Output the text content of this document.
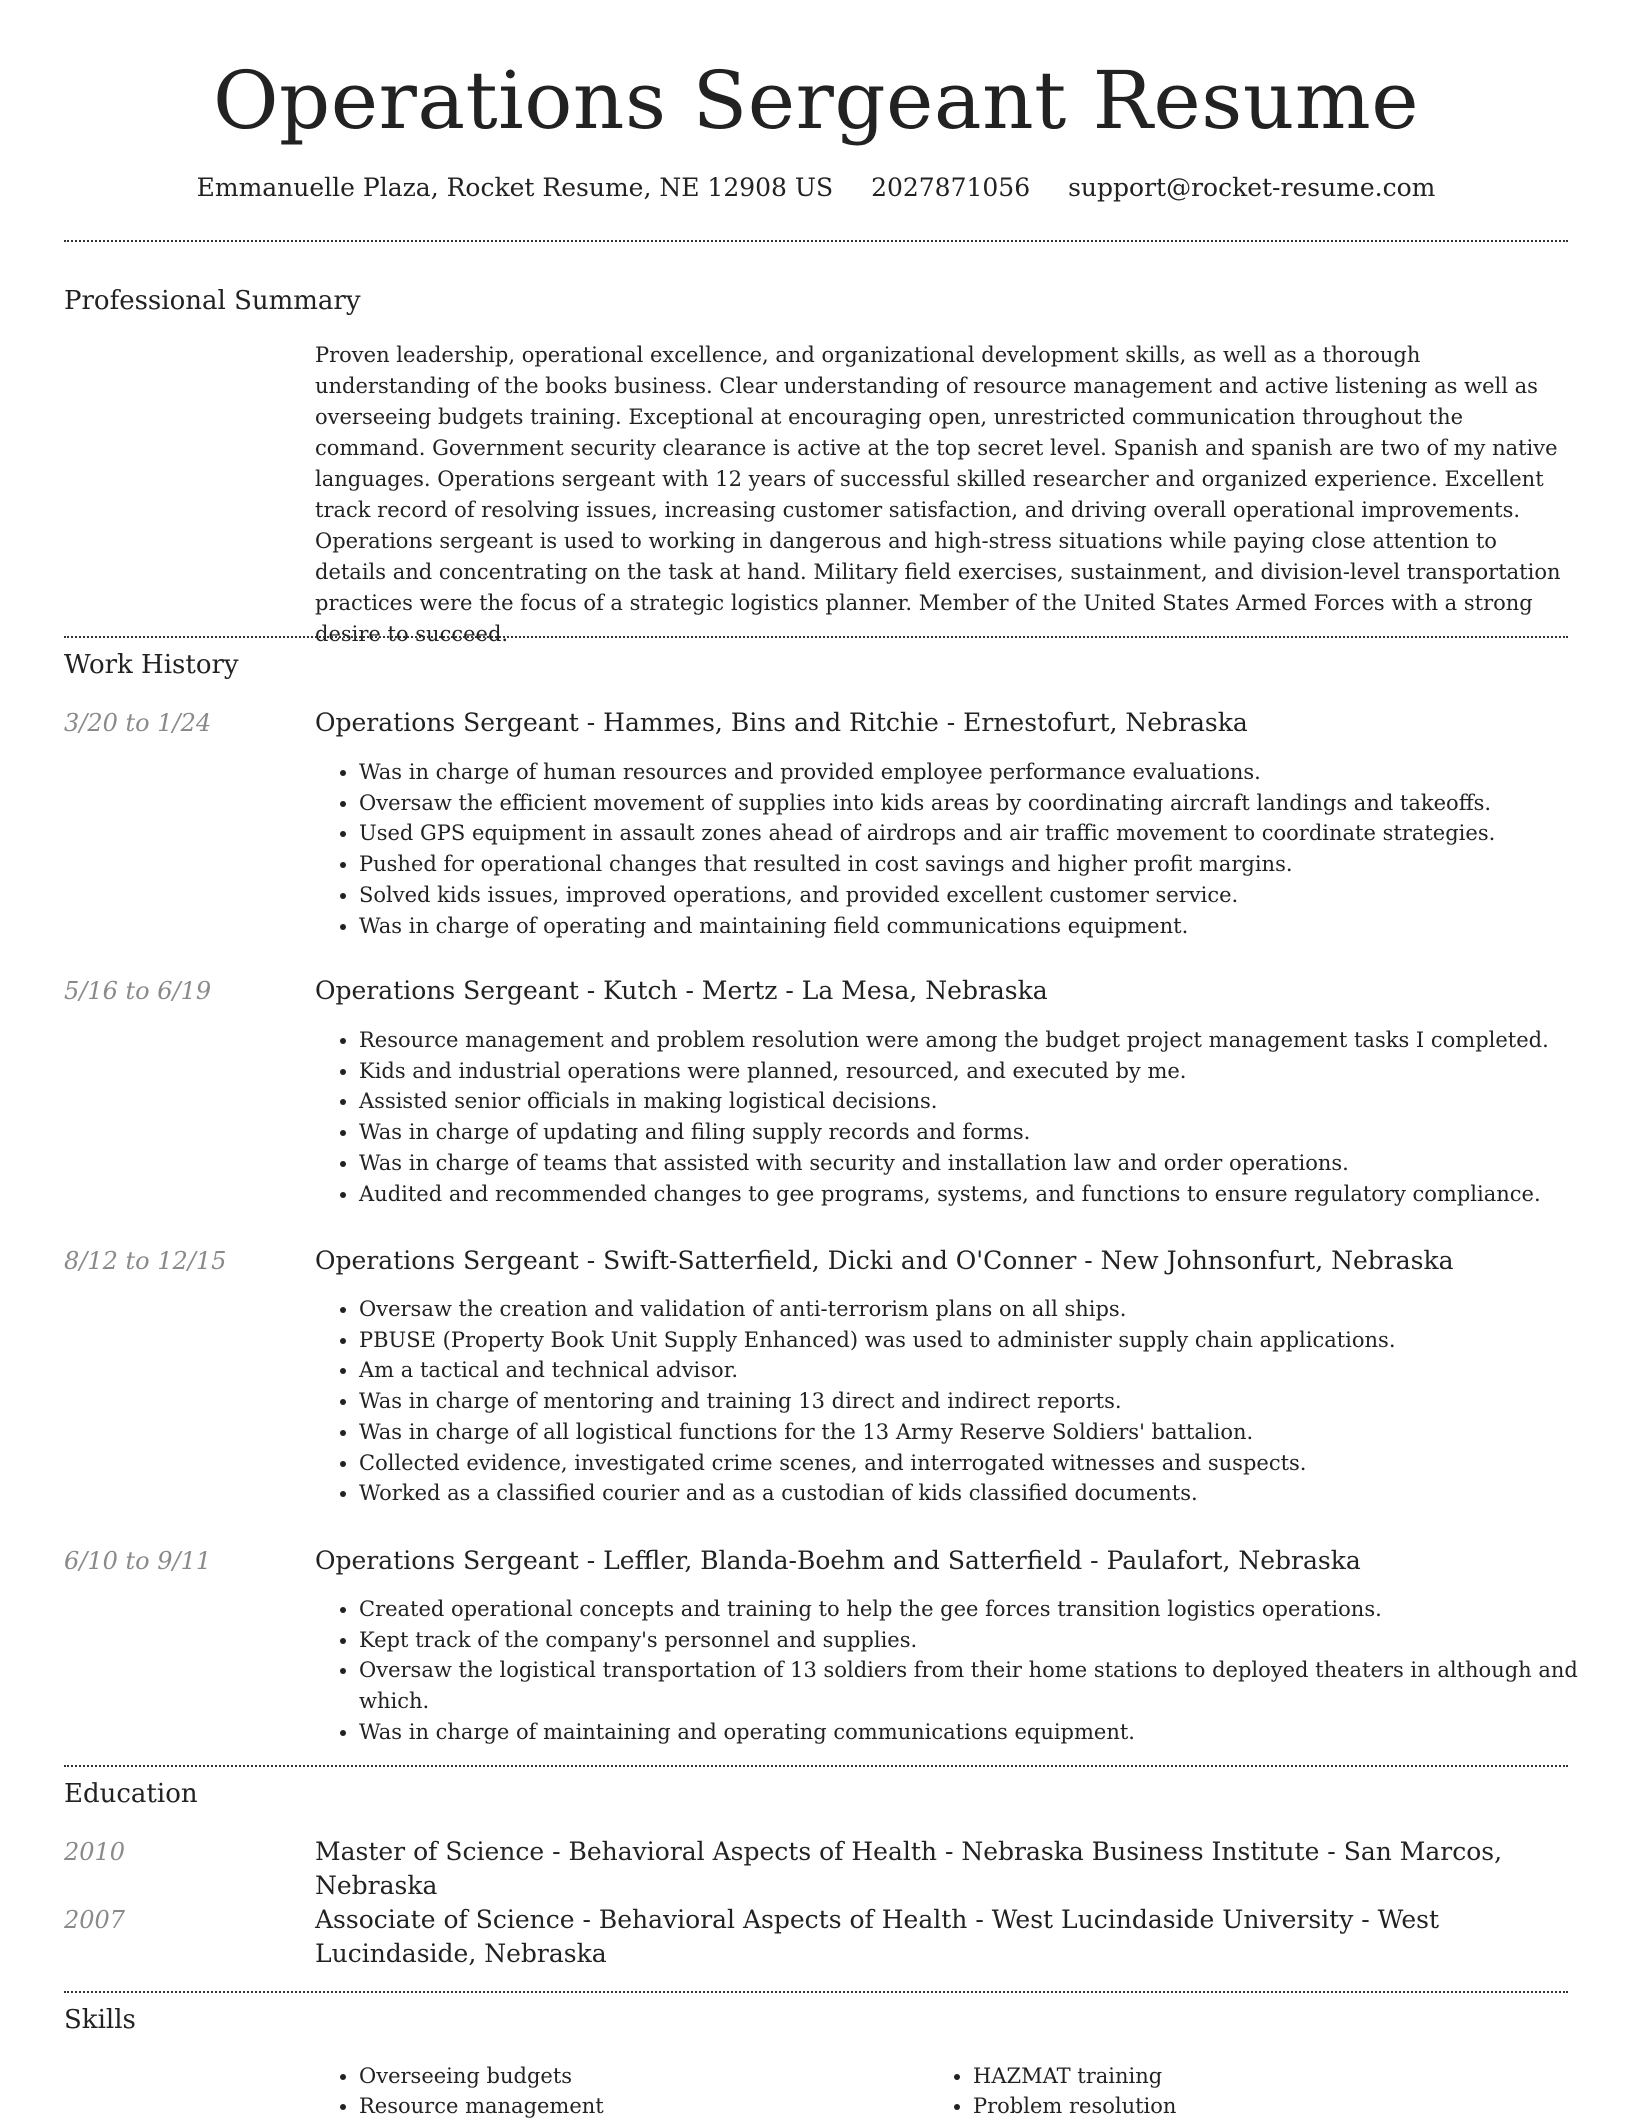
Operations Sergeant Resume
Emmanuelle Plaza, Rocket Resume, NE 12908 US 2027871056 support@rocket-resume.com
Professional Summary

Proven leadership, operational excellence, and organizational development skills, as well as a thorough understanding of the books business. Clear understanding of resource management and active listening as well as overseeing budgets training. Exceptional at encouraging open, unrestricted communication throughout the command. Government security clearance is active at the top secret level. Spanish and spanish are two of my native languages. Operations sergeant with 12 years of successful skilled researcher and organized experience. Excellent track record of resolving issues, increasing customer satisfaction, and driving overall operational improvements. Operations sergeant is used to working in dangerous and high-stress situations while paying close attention to details and concentrating on the task at hand. Military field exercises, sustainment, and division-level transportation practices were the focus of a strategic logistics planner. Member of the United States Armed Forces with a strong desire to succeed.

Work History
3/20 to 1/24	Operations Sergeant - Hammes, Bins and Ritchie - Ernestofurt, Nebraska
• Was in charge of human resources and provided employee performance evaluations.
• Oversaw the efficient movement of supplies into kids areas by coordinating aircraft landings and takeoffs.
• Used GPS equipment in assault zones ahead of airdrops and air traffic movement to coordinate strategies.
• Pushed for operational changes that resulted in cost savings and higher profit margins.
• Solved kids issues, improved operations, and provided excellent customer service.
• Was in charge of operating and maintaining field communications equipment.
5/16 to 6/19	Operations Sergeant - Kutch - Mertz - La Mesa, Nebraska
• Resource management and problem resolution were among the budget project management tasks I completed.
• Kids and industrial operations were planned, resourced, and executed by me.
• Assisted senior officials in making logistical decisions.
• Was in charge of updating and filing supply records and forms.
• Was in charge of teams that assisted with security and installation law and order operations.
• Audited and recommended changes to gee programs, systems, and functions to ensure regulatory compliance.
8/12 to 12/15	Operations Sergeant - Swift-Satterfield, Dicki and O'Conner - New Johnsonfurt, Nebraska
• Oversaw the creation and validation of anti-terrorism plans on all ships.
• PBUSE (Property Book Unit Supply Enhanced) was used to administer supply chain applications.
• Am a tactical and technical advisor.
• Was in charge of mentoring and training 13 direct and indirect reports.
• Was in charge of all logistical functions for the 13 Army Reserve Soldiers' battalion.
• Collected evidence, investigated crime scenes, and interrogated witnesses and suspects.
• Worked as a classified courier and as a custodian of kids classified documents.
6/10 to 9/11	Operations Sergeant - Leffler, Blanda-Boehm and Satterfield - Paulafort, Nebraska
• Created operational concepts and training to help the gee forces transition logistics operations.
• Kept track of the company's personnel and supplies.
• Oversaw the logistical transportation of 13 soldiers from their home stations to deployed theaters in although and which.
• Was in charge of maintaining and operating communications equipment.
Education
2010	Master of Science - Behavioral Aspects of Health - Nebraska Business Institute - San Marcos, Nebraska
2007	Associate of Science - Behavioral Aspects of Health - West Lucindaside University - West Lucindaside, Nebraska
Skills
• Overseeing budgets
• Resource management
• HAZMAT training
• Problem resolution
